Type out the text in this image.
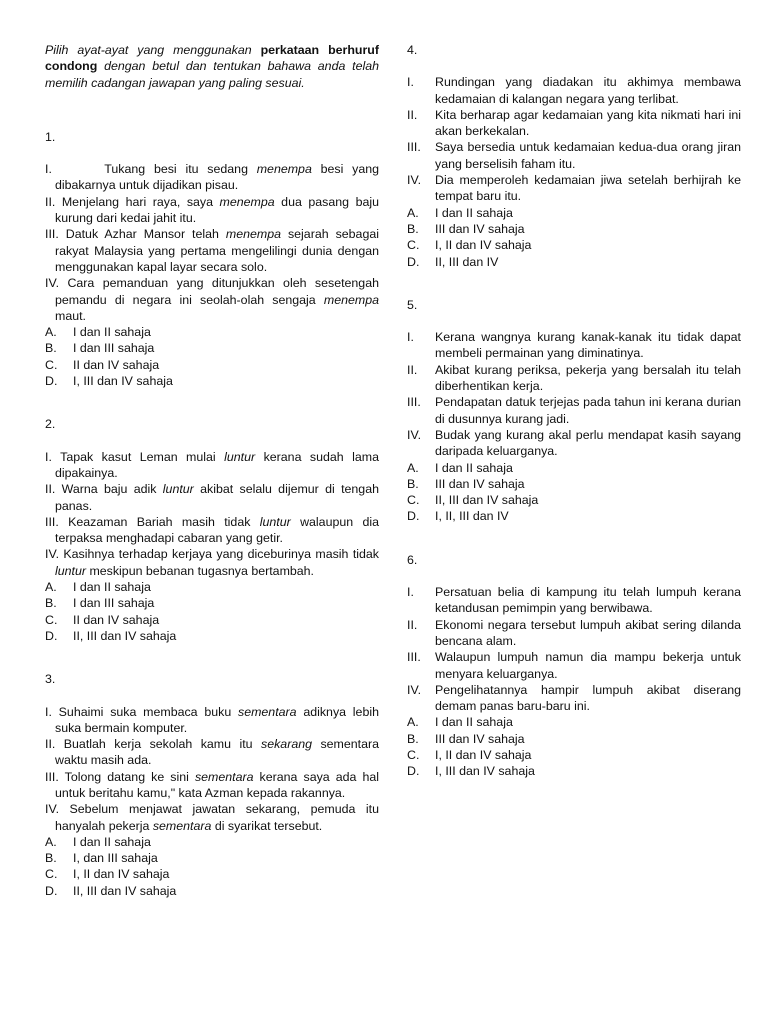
Pilih ayat-ayat yang menggunakan perkataan berhuruf condong dengan betul dan tentukan bahawa anda telah memilih cadangan jawapan yang paling sesuai.

1.

I.      Tukang besi itu sedang menempa besi yang dibakarnya untuk dijadikan pisau.

II. Menjelang hari raya, saya menempa dua pasang baju kurung dari kedai jahit itu.

III. Datuk Azhar Mansor telah menempa sejarah sebagai rakyat Malaysia yang pertama mengelilingi dunia dengan menggunakan kapal layar secara solo.

IV. Cara pemanduan yang ditunjukkan oleh sesetengah pemandu di negara ini seolah-olah sengaja menempa maut.

A.	I dan II sahaja

B.	I dan III sahaja

C.	II dan IV sahaja

D.	I, III dan IV sahaja

2.

I. Tapak kasut Leman mulai luntur kerana sudah lama dipakainya.

II. Warna baju adik luntur akibat selalu dijemur di tengah panas.

III. Keazaman Bariah masih tidak luntur walaupun dia terpaksa menghadapi cabaran yang getir.

IV. Kasihnya terhadap kerjaya yang diceburinya masih tidak luntur meskipun bebanan tugasnya bertambah.

A.	I dan II sahaja

B.	I dan III sahaja

C.	II dan IV sahaja

D.	II, III dan IV sahaja

3.

I. Suhaimi suka membaca buku sementara adiknya lebih suka bermain komputer.

II. Buatlah kerja sekolah kamu itu sekarang sementara waktu masih ada.

III. Tolong datang ke sini sementara kerana saya ada hal untuk beritahu kamu," kata Azman kepada rakannya.

IV. Sebelum menjawat jawatan sekarang, pemuda itu hanyalah pekerja sementara di syarikat tersebut.

A.	I dan II sahaja

B.	I, dan III sahaja

C.	I, II dan IV sahaja

D.	II, III dan IV sahaja

4.

I.	Rundingan yang diadakan itu akhimya membawa kedamaian di kalangan negara yang terlibat.

II.	Kita berharap agar kedamaian yang kita nikmati hari ini akan berkekalan.

III.	Saya bersedia untuk kedamaian kedua-dua orang jiran yang berselisih faham itu.

IV.	Dia memperoleh kedamaian jiwa setelah berhijrah ke tempat baru itu.

A.	I dan II sahaja

B.	III dan IV sahaja

C.	I, II dan IV sahaja

D.	II, III dan IV

5.

I.	Kerana wangnya kurang kanak-kanak itu tidak dapat membeli permainan yang diminatinya.

II.	Akibat kurang periksa, pekerja yang bersalah itu telah diberhentikan kerja.

III.	Pendapatan datuk terjejas pada tahun ini kerana durian di dusunnya kurang jadi.

IV.	Budak yang kurang akal perlu mendapat kasih sayang daripada keluarganya.

A.	I dan II sahaja

B.	III dan IV sahaja

C.	II, III dan IV sahaja

D.	I, II, III dan IV

6.

I.	Persatuan belia di kampung itu telah lumpuh kerana ketandusan pemimpin yang berwibawa.

II.	Ekonomi negara tersebut lumpuh akibat sering dilanda bencana alam.

III.	Walaupun lumpuh namun dia mampu bekerja untuk menyara keluarganya.

IV.	Pengelihatannya hampir lumpuh akibat diserang demam panas baru-baru ini.

A.	I dan II sahaja

B.	III dan IV sahaja

C.	I, II dan IV sahaja

D.	I, III dan IV sahaja
